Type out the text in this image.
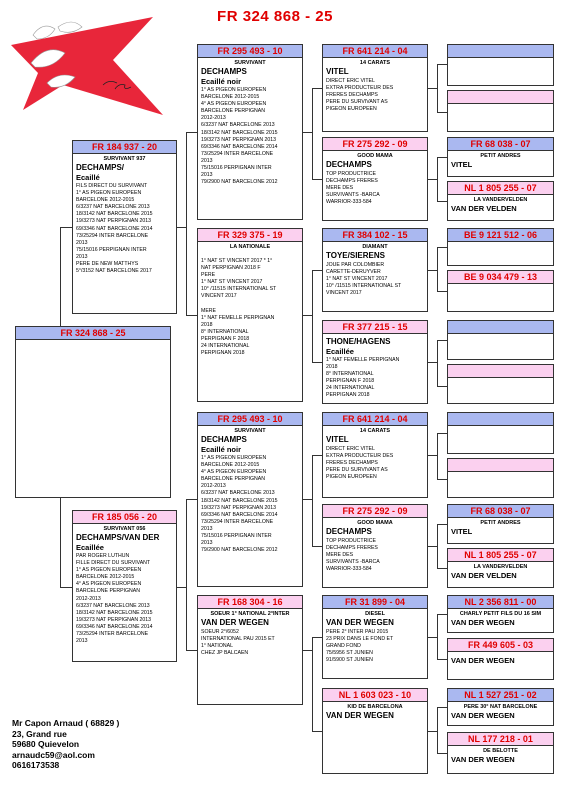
FR 324 868 - 25
FR 324 868 - 25
FR 184 937 - 20
SURVIVANT 937
DECHAMPS/
Ecaillé
FILS DIRECT DU SURVIVANT
1° AS PIGEON EUROPEEN
BARCELONE 2012-2015
6/3237 NAT BARCELONE 2013
18/3142 NAT BARCELONE 2015
19/3273 NAT PERPIGNAN 2013
69/3346 NAT BARCELONE 2014
73/25294 INTER BARCELONE
2013
75/15016 PERPIGNAN INTER
2013
PERE DE NEW MATTHYS
5°/3152 NAT BARCELONE 2017
FR 185 056 - 20
SURVIVANT 056
DECHAMPS/VAN DER
Ecaillée
PAR ROGER LUTHUN
FILLE DIRECT DU SURVIVANT
1° AS PIGEON EUROPEEN
BARCELONE 2012-2015
4° AS PIGEON EUROPEEN
BARCELONE PERPIGNAN
2012-2013
6/3237 NAT BARCELONE 2013
18/3142 NAT BARCELONE 2015
19/3273 NAT PERPIGNAN 2013
69/3346 NAT BARCELONE 2014
73/25294 INTER BARCELONE
2013
FR 295 493 - 10
SURVIVANT
DECHAMPS
Ecaillé noir
1° AS PIGEON EUROPEEN
BARCELONE 2012-2015
4° AS PIGEON EUROPEEN
BARCELONE PERPIGNAN
2012-2013
6/3237 NAT BARCELONE 2013
18/3142 NAT BARCELONE 2015
19/3273 NAT PERPIGNAN 2013
69/3346 NAT BARCELONE 2014
73/25294 INTER BARCELONE
2013
75/15016 PERPIGNAN INTER
2013
79/2900 NAT BARCELONE 2012
FR 329 375 - 19
LA NATIONALE
1° NAT ST VINCENT 2017 * 1°
NAT PERPIGNAN 2018 F
PERE
1° NAT ST VINCENT 2017
10° /11515 INTERNATIONAL ST
VINCENT 2017

MERE
1° NAT FEMELLE PERPIGNAN
2018
8° INTERNATIONAL
PERPIGNAN F 2018
24 INTERNATIONAL
PERPIGNAN 2018
FR 295 493 - 10
SURVIVANT
DECHAMPS
Ecaillé noir
1° AS PIGEON EUROPEEN
BARCELONE 2012-2015
4° AS PIGEON EUROPEEN
BARCELONE PERPIGNAN
2012-2013
6/3237 NAT BARCELONE 2013
18/3142 NAT BARCELONE 2015
19/3273 NAT PERPIGNAN 2013
69/3346 NAT BARCELONE 2014
73/25294 INTER BARCELONE
2013
75/15016 PERPIGNAN INTER
2013
79/2900 NAT BARCELONE 2012
FR 168 304 - 16
SOEUR 1° NATIONAL 2°INTER
VAN DER WEGEN
SOEUR 2°/6052
INTERNATIONAL PAU 2015 ET
1° NATIONAL
CHEZ JP BALCAEN
FR 641 214 - 04
14 CARATS
VITEL
DIRECT ERIC VITEL
EXTRA PRODUCTEUR DES
FRERES DECHAMPS
PERE DU SURVIVANT AS
PIGEON EUROPEEN
FR 275 292 - 09
GOOD MAMA
DECHAMPS
TOP PRODUCTRICE
DECHAMPS FRERES
MERE DES
SURVIVANTS -BARCA
WARRIOR-333-584
FR 384 102 - 15
DIAMANT
TOYE/SIERENS
JOUE PAR COLOMBIER
CARETTE-DERUYVER
1° NAT ST VINCENT 2017
10° /11515 INTERNATIONAL ST
VINCENT 2017
FR 377 215 - 15
THONE/HAGENS
Ecaillée
1° NAT FEMELLE PERPIGNAN
2018
8° INTERNATIONAL
PERPIGNAN F 2018
24 INTERNATIONAL
PERPIGNAN 2018
FR 641 214 - 04
14 CARATS
VITEL
DIRECT ERIC VITEL
EXTRA PRODUCTEUR DES
FRERES DECHAMPS
PERE DU SURVIVANT AS
PIGEON EUROPEEN
FR 275 292 - 09
GOOD MAMA
DECHAMPS
TOP PRODUCTRICE
DECHAMPS FRERES
MERE DES
SURVIVANTS -BARCA
WARRIOR-333-584
FR 31 899 - 04
DIESEL
VAN DER WEGEN
PERE 2° INTER PAU 2015
23 PRIX DANS LE FOND ET
GRAND FOND
75/5956 ST JUNIEN
91/5900 ST JUNIEN
NL 1 603 023 - 10
KID DE BARCELONA
VAN DER WEGEN
FR 68 038 - 07
PETIT ANDRES
VITEL
NL 1 805 255 - 07
LA VANDERVELDEN
VAN DER VELDEN
BE 9 121 512 - 06
BE 9 034 479 - 13
FR 68 038 - 07
PETIT ANDRES
VITEL
NL 1 805 255 - 07
LA VANDERVELDEN
VAN DER VELDEN
NL 2 356 811 - 00
CHARLY PETIT FILS DU 16 SIM
VAN DER WEGEN
FR 449 605 - 03
VAN DER WEGEN
NL 1 527 251 - 02
PERE 30° NAT BARCELONE
VAN DER WEGEN
NL 177 218 - 01
DE BELOTTE
VAN DER WEGEN
Mr Capon Arnaud ( 68829 )
23, Grand rue
59680 Quievelon
arnaudc59@aol.com
0616173538
